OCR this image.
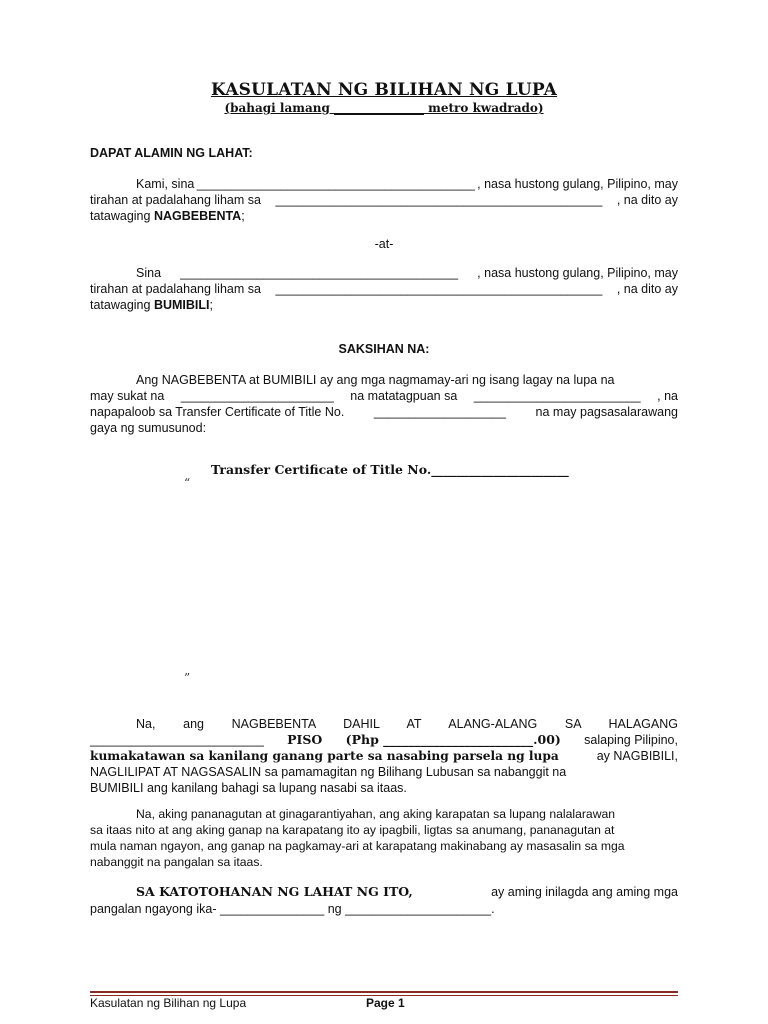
KASULATAN NG BILIHAN NG LUPA
(bahagi lamang _______________ metro kwadrado)
DAPAT ALAMIN NG LAHAT:
Kami, sina ________________________________________ , nasa hustong gulang, Pilipino, may
tirahan at padalahang liham sa _______________________________________________ , na dito ay
tatawaging NAGBEBENTA;
-at-
Sina ________________________________________ , nasa hustong gulang, Pilipino, may
tirahan at padalahang liham sa _______________________________________________ , na dito ay
tatawaging BUMIBILI;
SAKSIHAN NA:
Ang NAGBEBENTA at BUMIBILI ay ang mga nagmamay-ari ng isang lagay na lupa na
may sukat na ______________________ na matatagpuan sa ________________________ , na
napapaloob sa Transfer Certificate of Title No. ___________________ na may pagsasalarawang
gaya ng sumusunod:
Transfer Certificate of Title No.______________________
“
”
Na, ang NAGBEBENTA DAHIL AT ALANG-ALANG SA HALAGANG
_________________________ PISO (Php ________________________.00) salaping Pilipino,
kumakatawan sa kanilang ganang parte sa nasabing parsela ng lupa	ay NAGBIBILI,
NAGLILIPAT AT NAGSASALIN sa pamamagitan ng Bilihang Lubusan sa nabanggit na
BUMIBILI ang kanilang bahagi sa lupang nasabi sa itaas.
Na, aking pananagutan at ginagarantiyahan, ang aking karapatan sa lupang nalalarawan
sa itaas nito at ang aking ganap na karapatang ito ay ipagbili, ligtas sa anumang, pananagutan at
mula naman ngayon, ang ganap na pagkamay-ari at karapatang makinabang ay masasalin sa mga
nabanggit na pangalan sa itaas.
SA KATOTOHANAN NG LAHAT NG ITO,	ay aming inilagda ang aming mga
pangalan ngayong ika- _______________ ng _____________________.
Kasulatan ng Bilihan ng Lupa	Page 1
